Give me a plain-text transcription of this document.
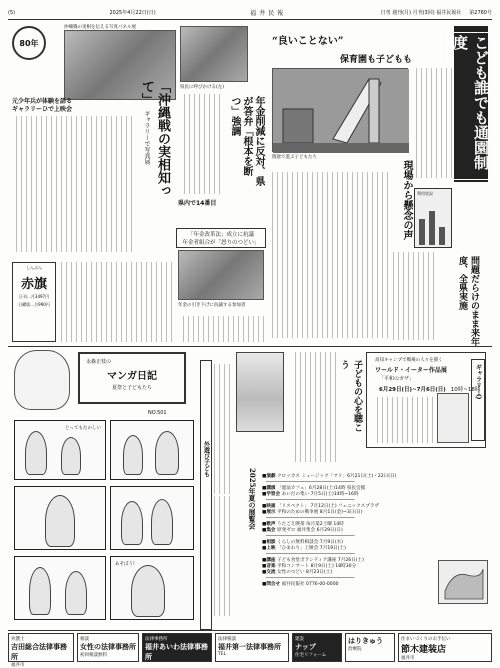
(5)	2025年4月22日(日)	福井民報	日刊 週刊(月) 月刊(3回) 福井民報社 第2760号
80年
沖縄戦の実相を伝える写真パネル展
元少年兵が体験を語る
ギャラリーひで上映会	「沖縄戦の実相知って」 ギャラリーで写真展
県民に呼びかける(左)
年金削減に反対、県が答弁「根本を断つ」強調
県内で14番目
「年金改革法」成立に抗議
年金者組合が「怒りのつどい」
年金の引き下げに抗議する参加者
こども誰でも通園制度
“良いことない”
保育園も子どもも
園庭で遊ぶ子どもたち
現場から懸念の声	利用状況
問題だらけのまま来年度、全県実施
しんぶん
赤旗
日刊…月3497円
日曜版…月990円
永森正枝の
マンガ日記
夏祭と子どもたち
NO.501
とってもたのしい
あそぼう!
外遊び子ども
2025年夏の展覧会
子どもの心を聴こう	高知キャンプで戦場の人々を描く
ワールド・イーター作品展
「平和のガザ」
6月29日(日)~7月6日(日) 10時~18時
ギャラリーQ
■演劇 クロッカス ミュージック「マリ」6月21日(土)・22日(日)
━━━━━━━━━━━━━━━━━━━━━━━━━━━━━━━━
■講演 「憲法カフェ」6月28日(土)14時 県民会館
■学習会 あいだの集い 7月5日(土)14時~16時
━━━━━━━━━━━━━━━━━━━━━━━━━━━━━━━━
■映画 「リスペクト」 7月12日(土) フェニックスプラザ
■展示 平和のための戦争展 8月1日(金)~3日(日)
━━━━━━━━━━━━━━━━━━━━━━━━━━━━━━━━
■歌声 うたごえ喫茶 毎月第2土曜 14時
■集会 原発ゼロ 福井集会 6月29日(日)
━━━━━━━━━━━━━━━━━━━━━━━━━━━━━━━━
■相談 くらしの無料相談会 7月9日(水)
■上映 「ひまわり」上映会 7月19日(土)
━━━━━━━━━━━━━━━━━━━━━━━━━━━━━━━━
■講座 子ども食堂ボランティア講座 7月26日(土)
■音楽 平和コンサート 8月9日(土) 18時30分
■交流 女性のつどい 8月23日(土)
━━━━━━━━━━━━━━━━━━━━━━━━━━━━━━━━
■問合せ 福井民報社 0776-00-0000
弁護士
吉田総合法律事務所
福井市
相談
女性の法律事務所
初回相談無料
法律事務所
福井あいわ法律事務所
福井市中央
法律相談
福井第一法律事務所
TEL
建設
ナップ
住宅リフォーム
はりきゅう
治療院
住まいづくりのお手伝い
節木建装店
福井市
